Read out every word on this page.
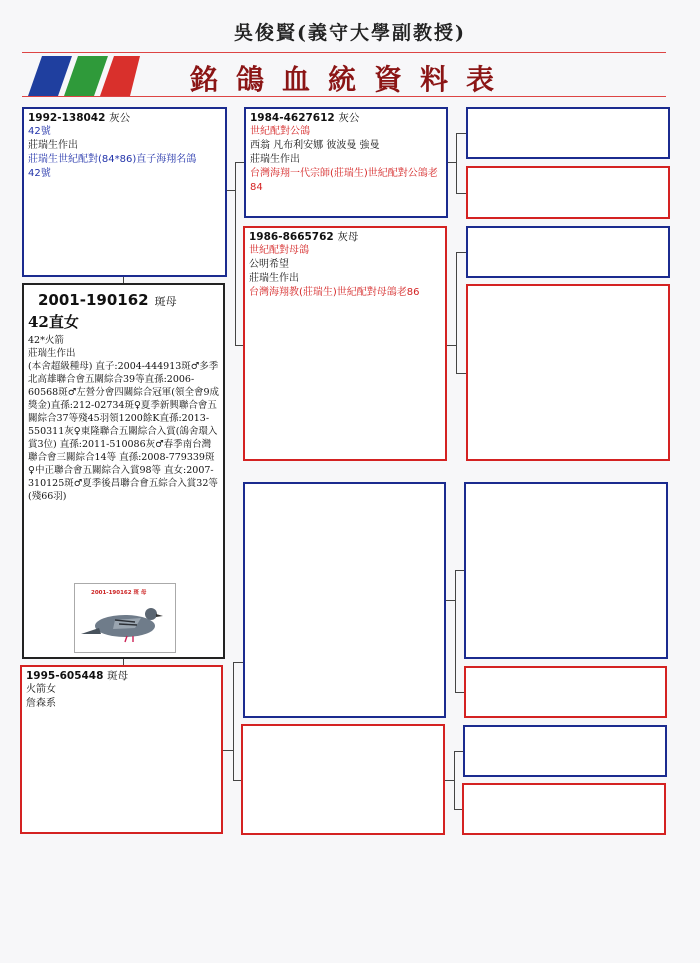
吳俊賢(義守大學副教授)
銘鴿血統資料表
1992-138042 灰公
42號
莊瑞生作出
莊瑞生世紀配對(84*86)直子海翔名鴿
42號
2001-190162 斑母
42直女
42*火箭
莊瑞生作出
(本舍超級種母) 直子:2004-444913斑♂多季北高雄聯合會五關綜合39等直孫:2006-60568斑♂左營分會四關綜合冠軍(領全會9成獎金)直孫:212-02734斑♀夏季新興聯合會五關綜合37等殘45羽領1200餘K直孫:2013-550311灰♀東隆聯合五關綜合入賞(鴿舍環入賞3位) 直孫:2011-510086灰♂春季南台灣聯合會三關綜合14等 直孫:2008-779339斑♀中正聯合會五關綜合入賞98等 直女:2007-310125斑♂夏季後昌聯合會五綜合入賞32等(殘66羽)
2001-190162 斑 母
1995-605448 斑母
火箭女
詹森系
1984-4627612 灰公
世紀配對公鴿
西翁 凡布利安娜 彼波曼 強曼
莊瑞生作出
台灣海翔一代宗師(莊瑞生)世紀配對公鴿老84
1986-8665762 灰母
世紀配對母鴿
公明希望
莊瑞生作出
台灣海翔教(莊瑞生)世紀配對母鴿老86
